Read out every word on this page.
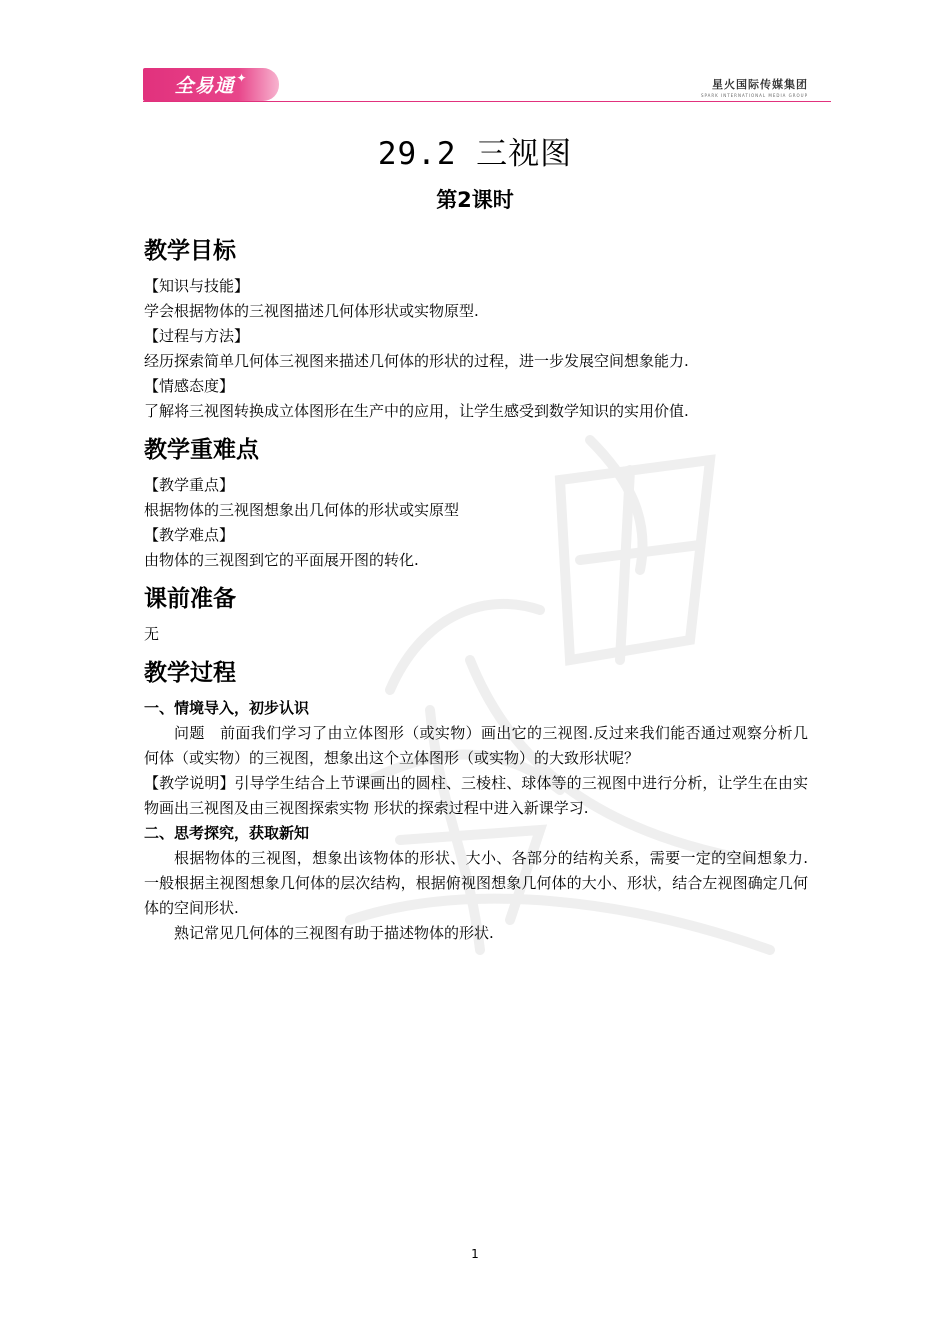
全易通 ✦	星火国际传媒集团
SPARK INTERNATIONAL MEDIA GROUP
29.2 三视图
第2课时
教学目标
【知识与技能】
学会根据物体的三视图描述几何体形状或实物原型.
【过程与方法】
经历探索简单几何体三视图来描述几何体的形状的过程，进一步发展空间想象能力.
【情感态度】
了解将三视图转换成立体图形在生产中的应用，让学生感受到数学知识的实用价值.
教学重难点
【教学重点】
根据物体的三视图想象出几何体的形状或实原型
【教学难点】
由物体的三视图到它的平面展开图的转化.
课前准备
无
教学过程
一、情境导入，初步认识
问题　前面我们学习了由立体图形（或实物）画出它的三视图.反过来我们能否通过观察分析几何体（或实物）的三视图，想象出这个立体图形（或实物）的大致形状呢？
【教学说明】引导学生结合上节课画出的圆柱、三棱柱、球体等的三视图中进行分析，让学生在由实物画出三视图及由三视图探索实物 形状的探索过程中进入新课学习.
二、思考探究，获取新知
根据物体的三视图，想象出该物体的形状、大小、各部分的结构关系，需要一定的空间想象力.一般根据主视图想象几何体的层次结构，根据俯视图想象几何体的大小、形状，结合左视图确定几何体的空间形状.
熟记常见几何体的三视图有助于描述物体的形状.
1
